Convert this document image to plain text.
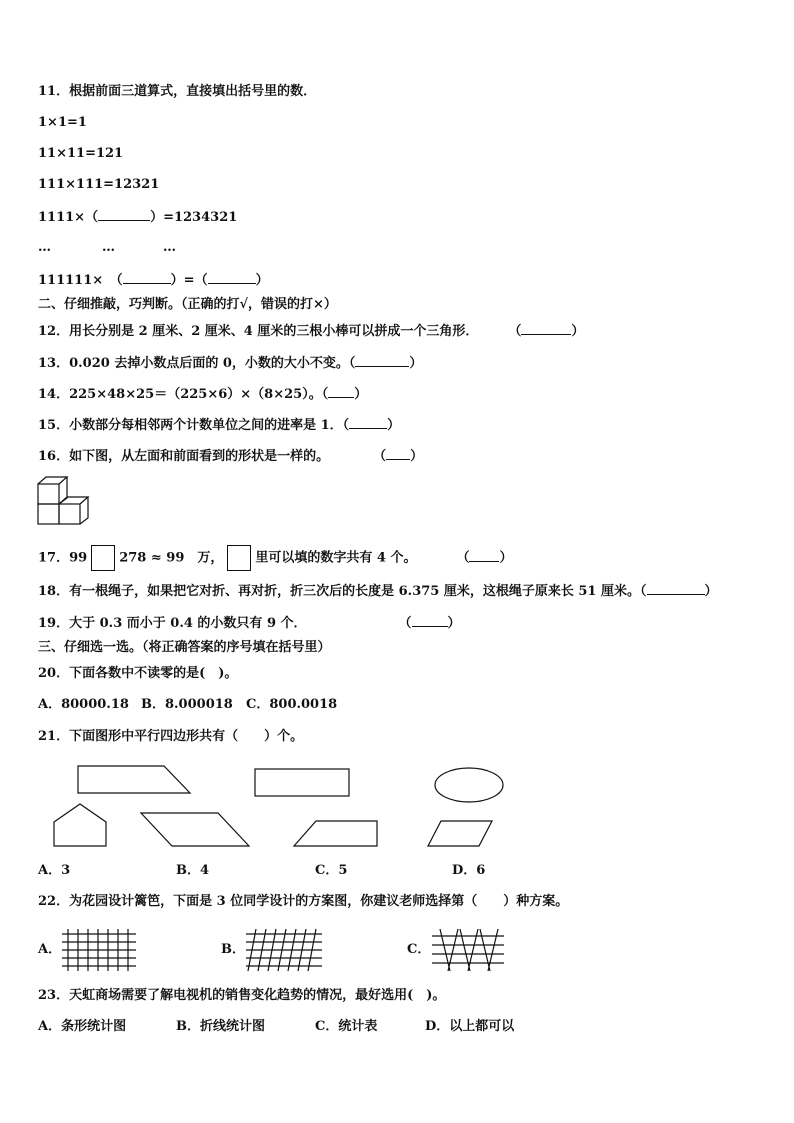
11．根据前面三道算式，直接填出括号里的数．
1×1=1
11×11=121
111×111=12321
1111×（	）=1234321
…	…	…
111111×　（	）=（	）
二、仔细推敲，巧判断。（正确的打√，错误的打×）
12．用长分别是 2 厘米、2 厘米、4 厘米的三根小棒可以拼成一个三角形． （	）
13．0.020 去掉小数点后面的 0，小数的大小不变。（	）
14．225×48×25＝（225×6）×（8×25）。（ ）
15．小数部分每相邻两个计数单位之间的进率是 1．（	）
16．如下图，从左面和前面看到的形状是一样的。	（ ）
17．99 278 ≈ 99　万， 里可以填的数字共有 4 个。	（ ）
18．有一根绳子，如果把它对折、再对折，折三次后的长度是 6.375 厘米，这根绳子原来长 51 厘米。（	）
19．大于 0.3 而小于 0.4 的小数只有 9 个．	（	）
三、仔细选一选。（将正确答案的序号填在括号里）
20．下面各数中不读零的是(　)。
A．80000.18 B．8.000018 C．800.0018
21．下面图形中平行四边形共有（　　）个。
A．3	B．4	C．5	D．6
22．为花园设计篱笆，下面是 3 位同学设计的方案图，你建议老师选择第（　　）种方案。
A．	B．	C．
23．天虹商场需要了解电视机的销售变化趋势的情况，最好选用(　)。
A．条形统计图	B．折线统计图	C．统计表	D．以上都可以
